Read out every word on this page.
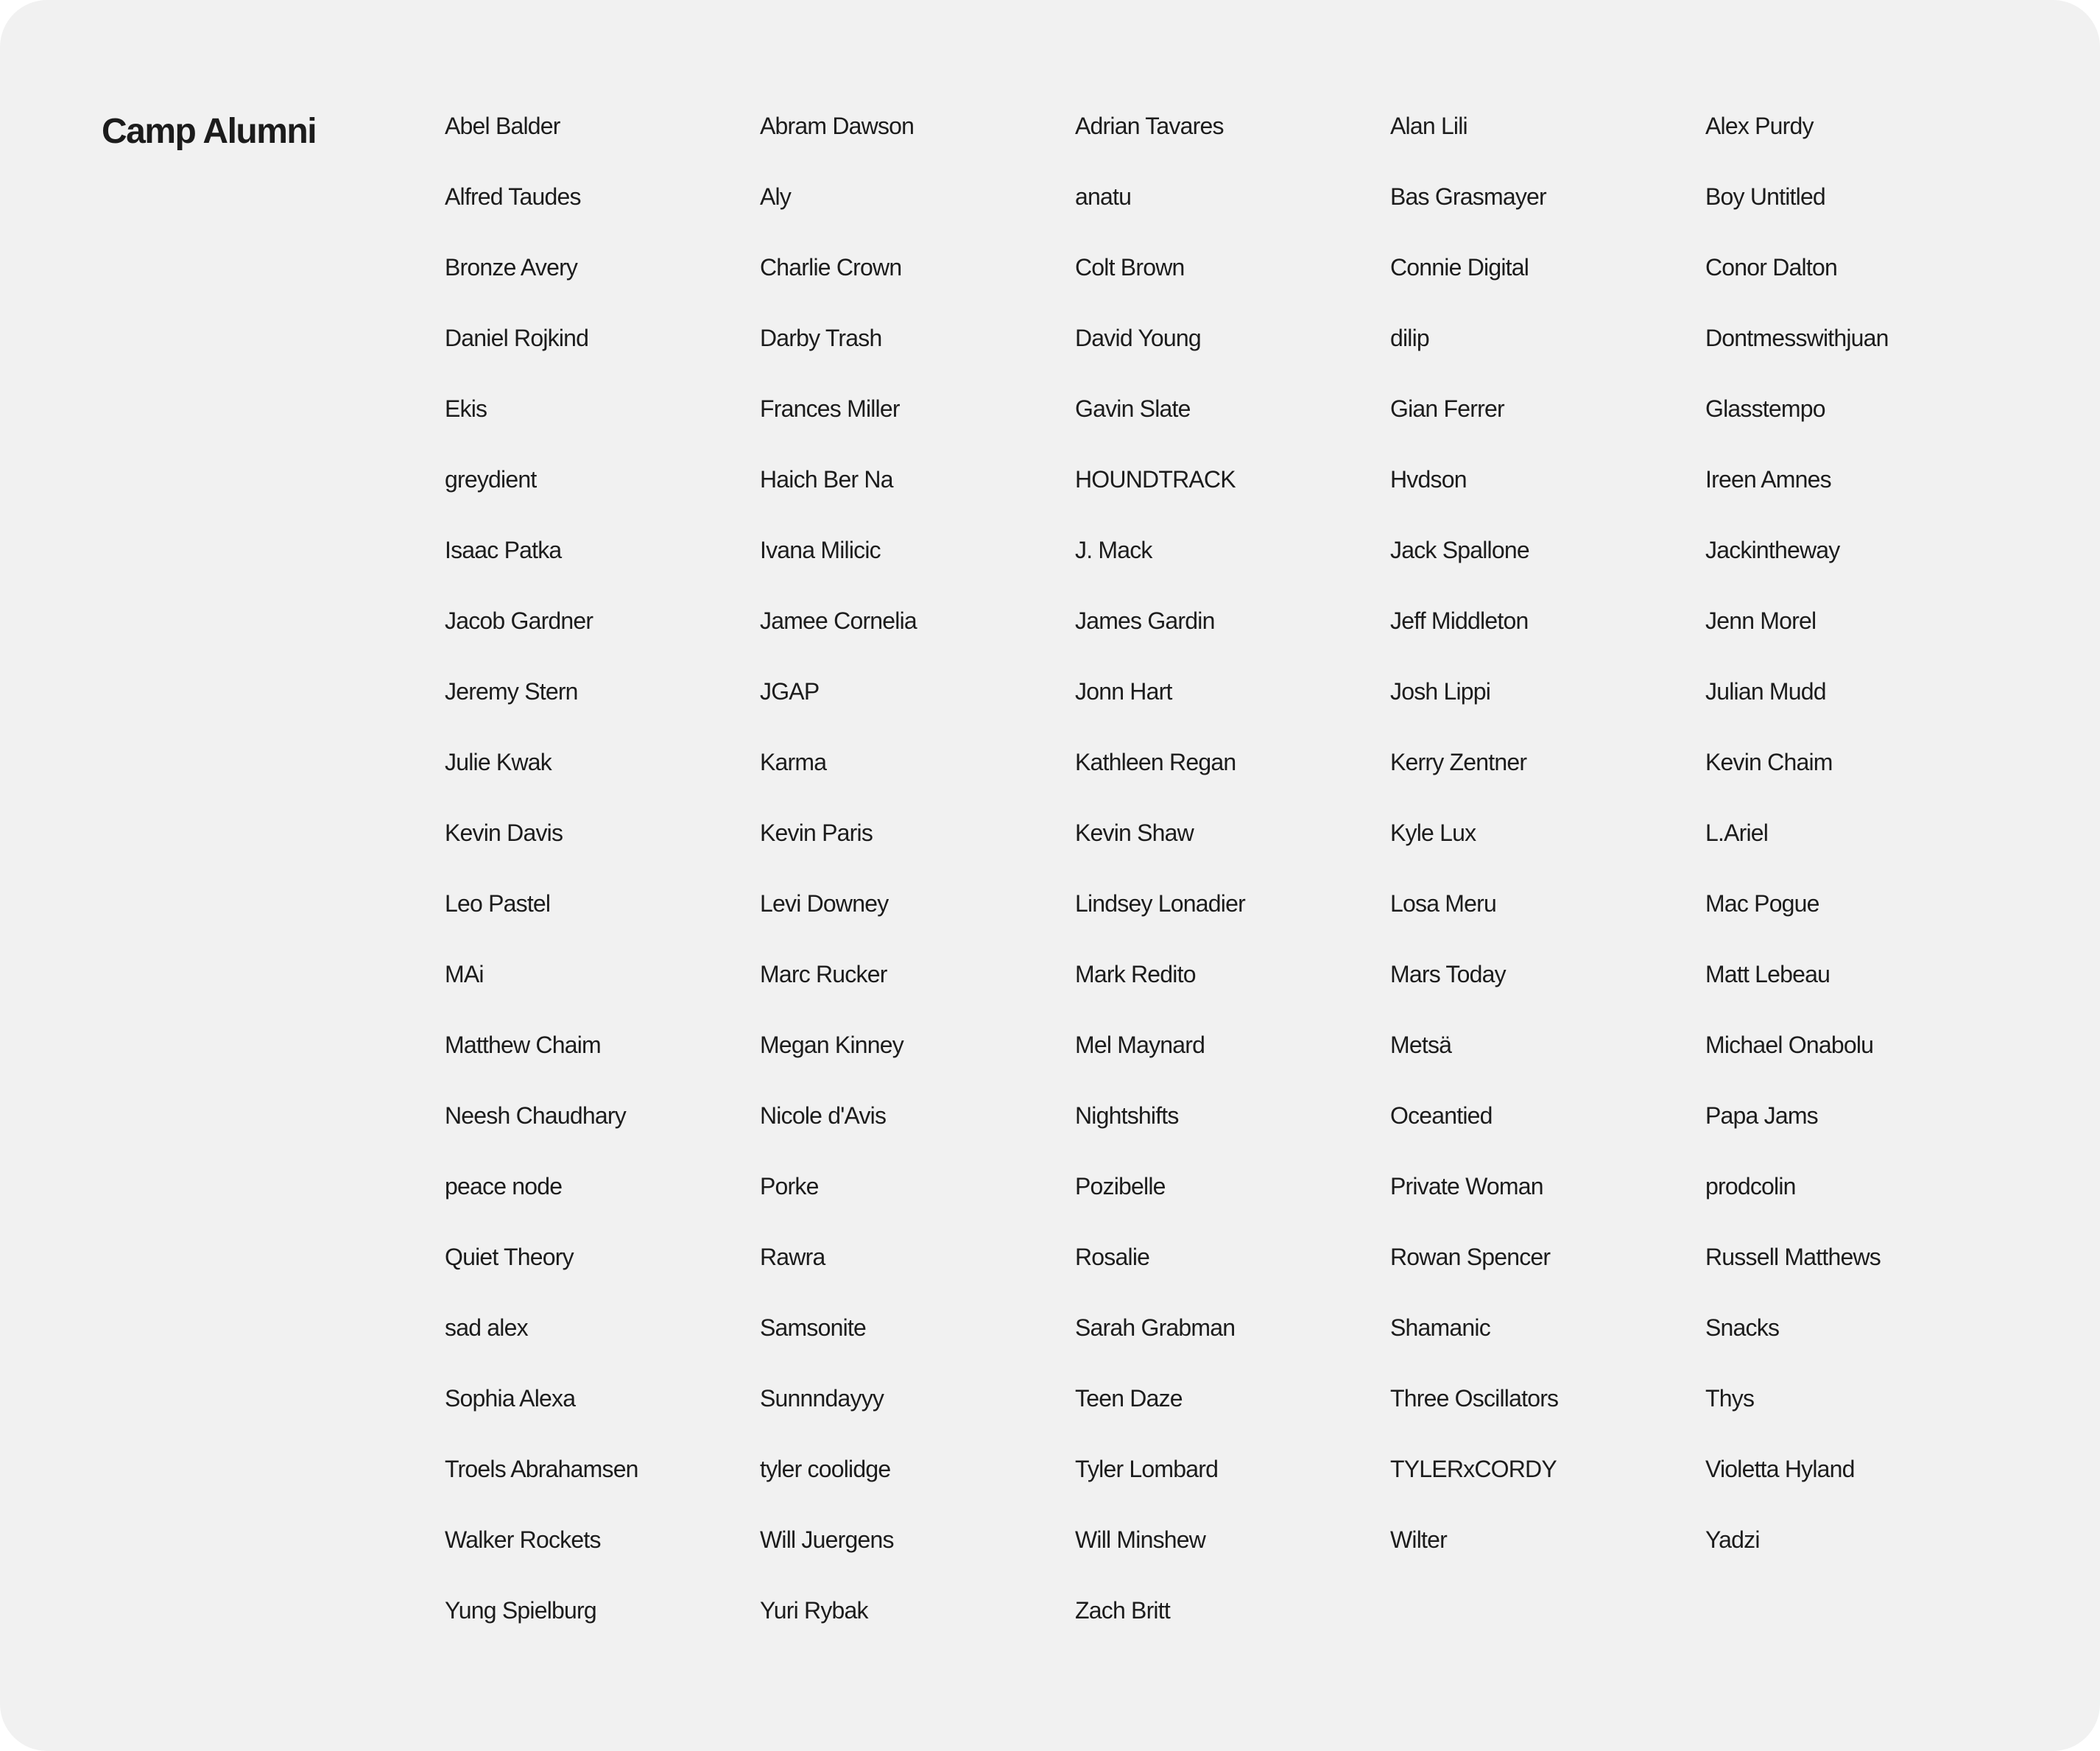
Camp Alumni	Abel Balder	Abram Dawson	Adrian Tavares	Alan Lili	Alex Purdy
Alfred Taudes	Aly	anatu	Bas Grasmayer	Boy Untitled
Bronze Avery	Charlie Crown	Colt Brown	Connie Digital	Conor Dalton
Daniel Rojkind	Darby Trash	David Young	dilip	Dontmesswithjuan
Ekis	Frances Miller	Gavin Slate	Gian Ferrer	Glasstempo
greydient	Haich Ber Na	HOUNDTRACK	Hvdson	Ireen Amnes
Isaac Patka	Ivana Milicic	J. Mack	Jack Spallone	Jackintheway
Jacob Gardner	Jamee Cornelia	James Gardin	Jeff Middleton	Jenn Morel
Jeremy Stern	JGAP	Jonn Hart	Josh Lippi	Julian Mudd
Julie Kwak	Karma	Kathleen Regan	Kerry Zentner	Kevin Chaim
Kevin Davis	Kevin Paris	Kevin Shaw	Kyle Lux	L.Ariel
Leo Pastel	Levi Downey	Lindsey Lonadier	Losa Meru	Mac Pogue
MAi	Marc Rucker	Mark Redito	Mars Today	Matt Lebeau
Matthew Chaim	Megan Kinney	Mel Maynard	Metsä	Michael Onabolu
Neesh Chaudhary	Nicole d'Avis	Nightshifts	Oceantied	Papa Jams
peace node	Porke	Pozibelle	Private Woman	prodcolin
Quiet Theory	Rawra	Rosalie	Rowan Spencer	Russell Matthews
sad alex	Samsonite	Sarah Grabman	Shamanic	Snacks
Sophia Alexa	Sunnndayyy	Teen Daze	Three Oscillators	Thys
Troels Abrahamsen	tyler coolidge	Tyler Lombard	TYLERxCORDY	Violetta Hyland
Walker Rockets	Will Juergens	Will Minshew	Wilter	Yadzi
Yung Spielburg	Yuri Rybak	Zach Britt
